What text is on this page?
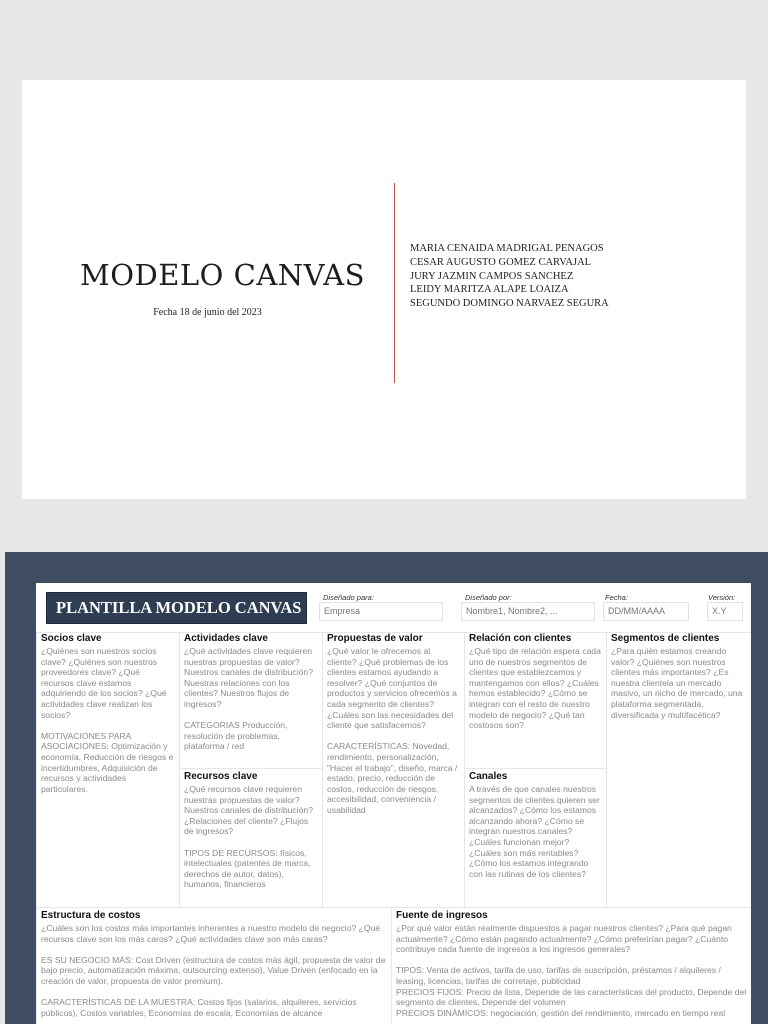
MODELO CANVAS
Fecha 18 de junio del 2023
MARIA CENAIDA MADRIGAL PENAGOS
CESAR AUGUSTO GOMEZ CARVAJAL
JURY JAZMIN CAMPOS SANCHEZ
LEIDY MARITZA ALAPE LOAIZA
SEGUNDO DOMINGO NARVAEZ SEGURA
PLANTILLA MODELO CANVAS
Diseñado para:
Empresa
Diseñado por:
Nombre1, Nombre2, ...
Fecha:
DD/MM/AAAA
Versión:
X.Y
Socios clave

¿Quiénes son nuestros socios clave? ¿Quiénes son nuestros proveedores clave? ¿Qué recursos clave estamos adquiriendo de los socios? ¿Qué actividades clave realizan los socios?

MOTIVACIONES PARA ASOCIACIONES: Optimización y economía, Reducción de riesgos e incertidumbres, Adquisición de recursos y actividades particulares.

Actividades clave

¿Qué actividades clave requieren nuestras propuestas de valor? Nuestros canales de distribución? Nuestras relaciones con los clientes? Nuestros flujos de ingresos?

CATEGORIAS Producción, resolución de problemas, plataforma / red

Recursos clave

¿Qué recursos clave requieren nuestras propuestas de valor? Nuestros canales de distribución? ¿Relaciones del cliente? ¿Flujos de ingresos?

TIPOS DE RECURSOS: físicos, intelectuales (patentes de marca, derechos de autor, datos), humanos, financieros

Propuestas de valor

¿Qué valor le ofrecemos al cliente? ¿Qué problemas de los clientes estamos ayudando a resolver? ¿Qué conjuntos de productos y servicios ofrecemos a cada segmento de clientes? ¿Cuáles son las necesidades del cliente que satisfacemos?

CARACTERÍSTICAS: Novedad, rendimiento, personalización, "Hacer el trabajo", diseño, marca / estado, precio, reducción de costos, reducción de riesgos, accesibilidad, conveniencia / usabilidad

Relación con clientes

¿Qué tipo de relación espera cada uno de nuestros segmentos de clientes que establezcamos y mantengamos con ellos? ¿Cuáles hemos establecido? ¿Cómo se integran con el resto de nuestro modelo de negocio? ¿Qué tan costosos son?

Canales

A través de que canales nuestros segmentos de clientes quieren ser alcanzados? ¿Cómo los estamos alcanzando ahora? ¿Cómo se integran nuestros canales? ¿Cuáles funcionan mejor? ¿Cuáles son más rentables? ¿Cómo los estamos integrando con las rutinas de los clientes?

Segmentos de clientes

¿Para quién estamos creando valor? ¿Quiénes son nuestros clientes más importantes? ¿Es nuestra clientela un mercado masivo, un nicho de mercado, una plataforma segmentada, diversificada y multifacética?

Estructura de costos

¿Cuáles son los costos más importantes inherentes a nuestro modelo de negocio? ¿Qué recursos clave son los más caros? ¿Qué actividades clave son más caras?

ES SU NEGOCIO MÁS: Cost Driven (estructura de costos más ágil, propuesta de valor de bajo precio, automatización máxima, outsourcing extenso), Value Driven (enfocado en la creación de valor, propuesta de valor premium).

CARACTERÍSTICAS DE LA MUESTRA: Costos fijos (salarios, alquileres, servicios públicos), Costos variables, Economías de escala, Economías de alcance

Fuente de ingresos

¿Por qué valor están realmente dispuestos a pagar nuestros clientes? ¿Para qué pagan actualmente? ¿Cómo están pagando actualmente? ¿Cómo preferirían pagar? ¿Cuánto contribuye cada fuente de ingresos a los ingresos generales?

TIPOS: Venta de activos, tarifa de uso, tarifas de suscripción, préstamos / alquileres / leasing, licencias, tarifas de corretaje, publicidad

PRECIOS FIJOS: Precio de lista, Depende de las características del producto, Depende del segmento de clientes, Depende del volumen

PRECIOS DINÁMICOS: negociación, gestión del rendimiento, mercado en tiempo real
